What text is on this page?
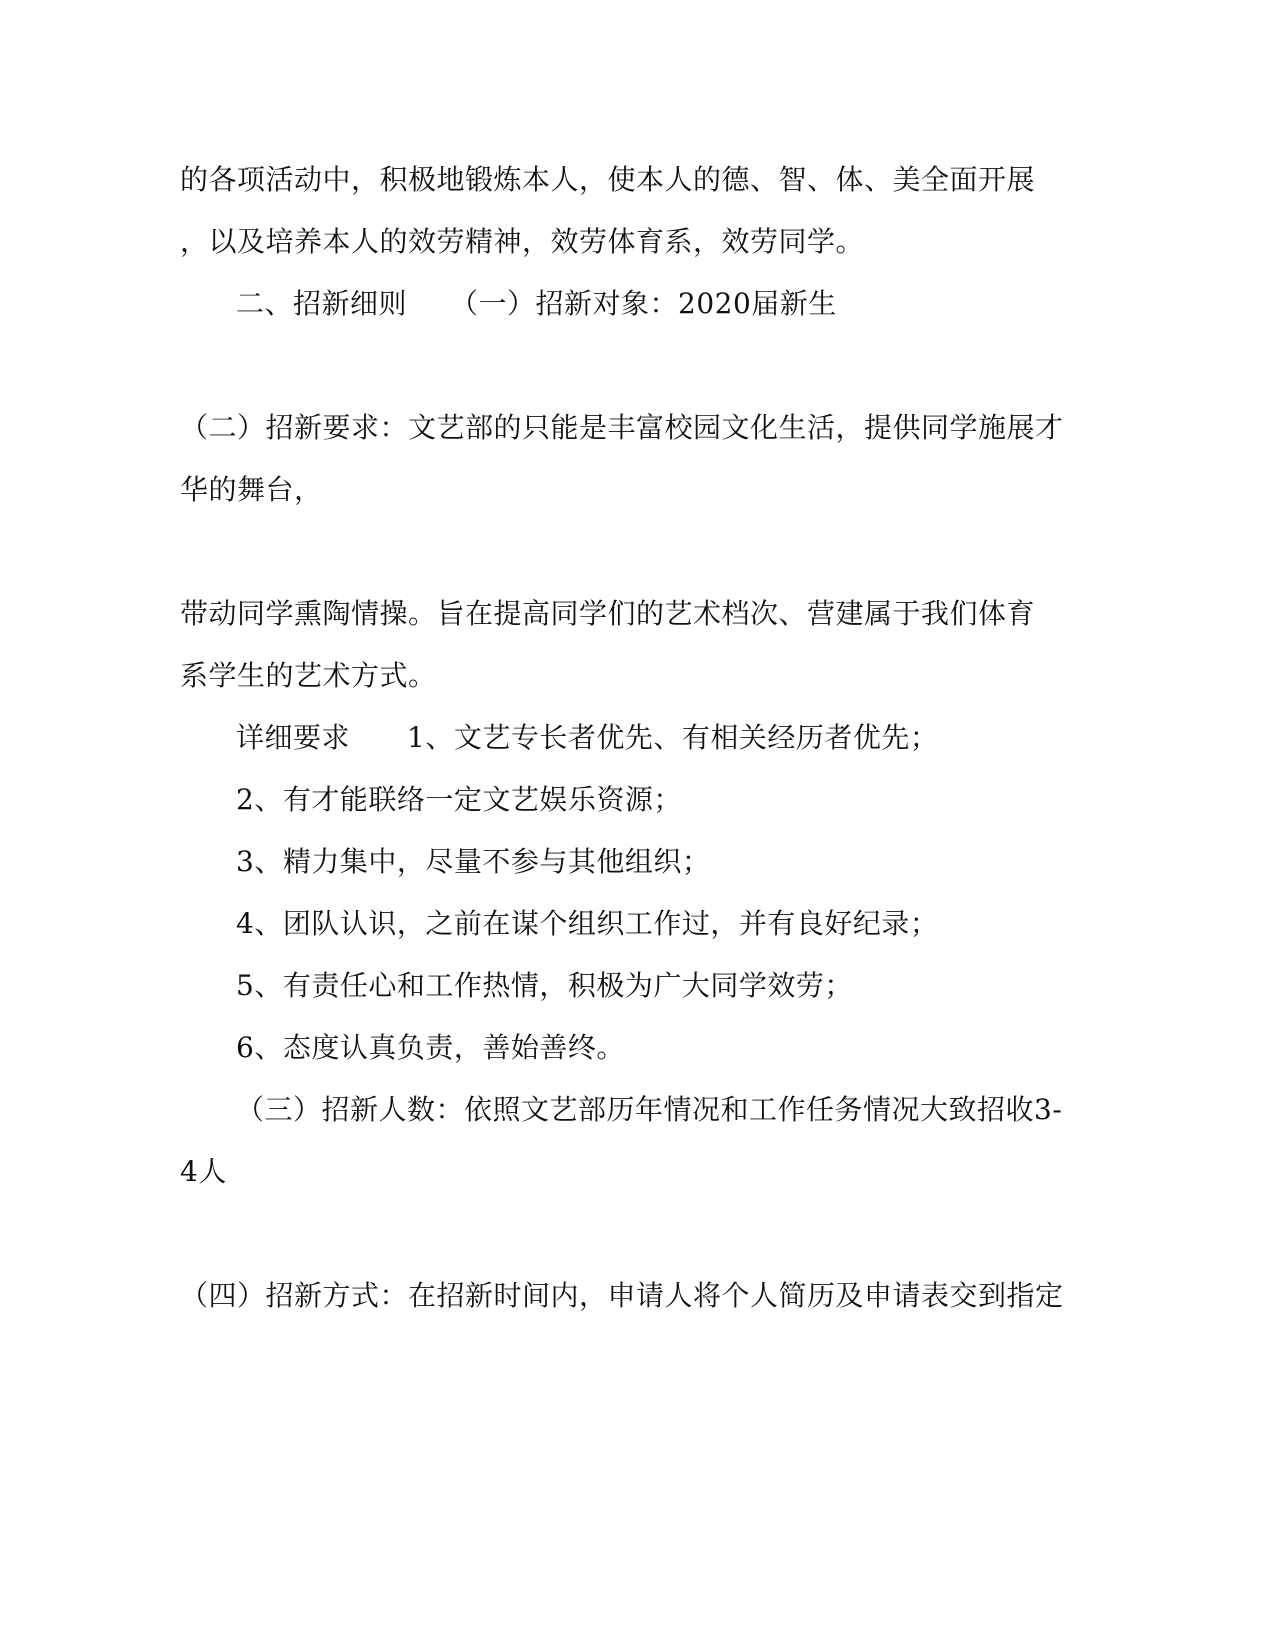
的各项活动中，积极地锻炼本人，使本人的德、智、体、美全面开展
，以及培养本人的效劳精神，效劳体育系，效劳同学。
二、招新细则　　（一）招新对象：2020届新生
（二）招新要求：文艺部的只能是丰富校园文化生活，提供同学施展才
华的舞台，
带动同学熏陶情操。旨在提高同学们的艺术档次、营建属于我们体育
系学生的艺术方式。
详细要求　　1、文艺专长者优先、有相关经历者优先；
2、有才能联络一定文艺娱乐资源；
3、精力集中，尽量不参与其他组织；
4、团队认识，之前在谋个组织工作过，并有良好纪录；
5、有责任心和工作热情，积极为广大同学效劳；
6、态度认真负责，善始善终。
（三）招新人数：依照文艺部历年情况和工作任务情况大致招收3-
4人
（四）招新方式：在招新时间内，申请人将个人简历及申请表交到指定
